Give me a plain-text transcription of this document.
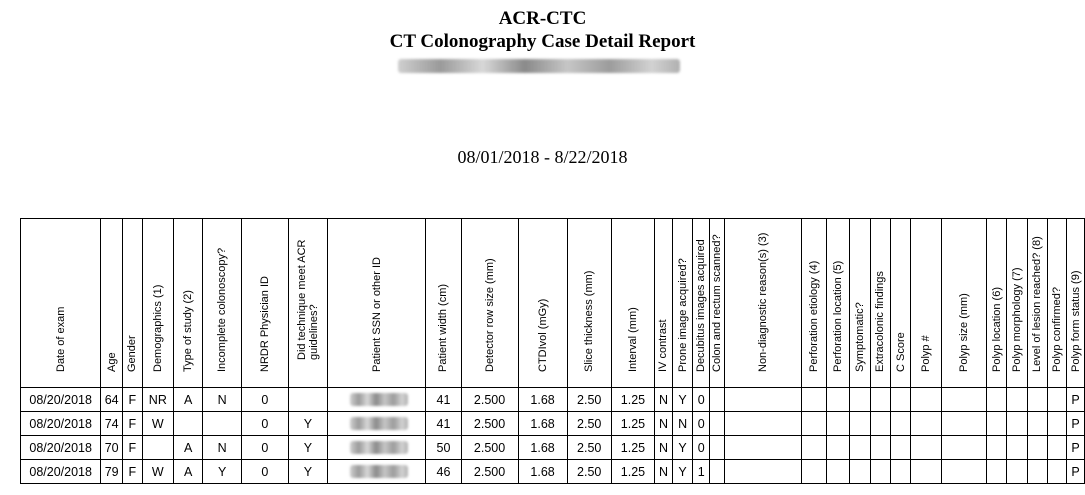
ACR-CTC
CT Colonography Case Detail Report
08/01/2018 - 8/22/2018
Date of exam	Age	Gender	Demographics (1)	Type of study (2)	Incomplete colonoscopy?	NRDR Physician ID	Did technique meet ACR guidelines?	Patient SSN or other ID	Patient width (cm)	Detector row size (mm)	CTDIvol (mGy)	Slice thickness (mm)	Interval (mm)	IV contrast	Prone image acquired?	Decubitus images acquired	Colon and rectum scanned?	Non-diagnostic reason(s) (3)	Perforation etiology (4)	Perforation location (5)	Symptomatic?	Extracolonic findings	C Score	Polyp #	Polyp size (mm)	Polyp location (6)	Polyp morphology (7)	Level of lesion reached? (8)	Polyp confirmed?	Polyp form status (9)

08/20/2018	64	F	NR	A	N	0			41	2.500	1.68	2.50	1.25	N	Y	0														P
08/20/2018	74	F	W			0	Y		41	2.500	1.68	2.50	1.25	N	N	0														P
08/20/2018	70	F		A	N	0	Y		50	2.500	1.68	2.50	1.25	N	Y	0														P
08/20/2018	79	F	W	A	Y	0	Y		46	2.500	1.68	2.50	1.25	N	Y	1														P
